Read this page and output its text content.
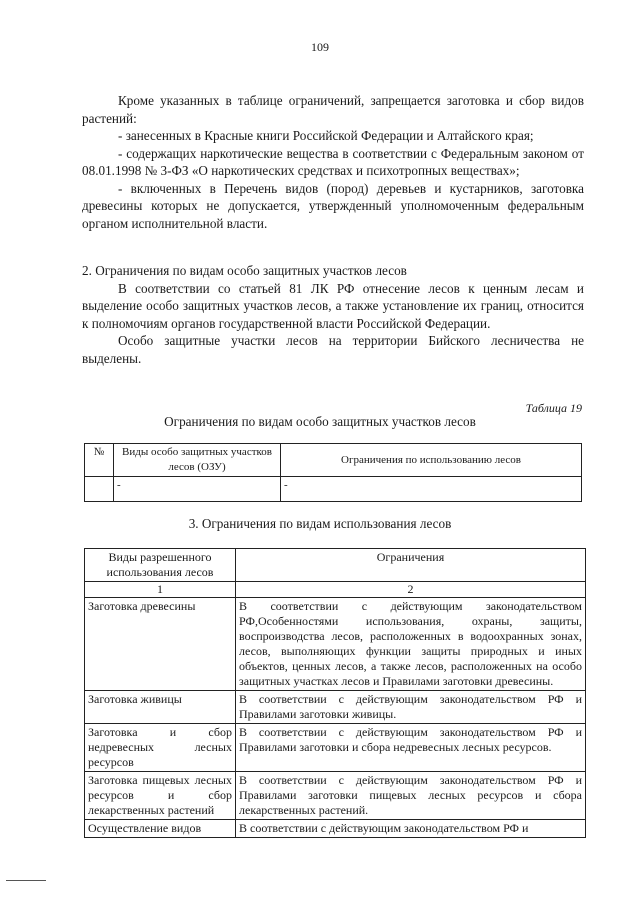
109

Кроме указанных в таблице ограничений, запрещается заготовка и сбор видов растений:

- занесенных в Красные книги Российской Федерации и Алтайского края;

- содержащих наркотические вещества в соответствии с Федеральным законом от 08.01.1998 № 3-ФЗ «О наркотических средствах и психотропных веществах»;

- включенных в Перечень видов (пород) деревьев и кустарников, заготовка древесины которых не допускается, утвержденный уполномоченным федеральным органом исполнительной власти.

2. Ограничения по видам особо защитных участков лесов

В соответствии со статьей 81 ЛК РФ отнесение лесов к ценным лесам и выделение особо защитных участков лесов, а также установление их границ, относится к полномочиям органов государственной власти Российской Федерации.

Особо защитные участки лесов на территории Бийского лесничества не выделены.

Таблица 19
Ограничения по видам особо защитных участков лесов
№	Виды особо защитных участков лесов (ОЗУ)	Ограничения по использованию лесов
	-	-
3. Ограничения по видам использования лесов
Виды разрешенного использования лесов	Ограничения
1	2
Заготовка древесины	В соответствии с действующим законодательством РФ,Особенностями использования, охраны, защиты, воспроизводства лесов, расположенных в водоохранных зонах, лесов, выполняющих функции защиты природных и иных объектов, ценных лесов, а также лесов, расположенных на особо защитных участках лесов и Правилами заготовки древесины.
Заготовка живицы	В соответствии с действующим законодательством РФ и Правилами заготовки живицы.
Заготовка и сбор недревесных лесных ресурсов	В соответствии с действующим законодательством РФ и Правилами заготовки и сбора недревесных лесных ресурсов.
Заготовка пищевых лесных ресурсов и сбор лекарственных растений	В соответствии с действующим законодательством РФ и Правилами заготовки пищевых лесных ресурсов и сбора лекарственных растений.
Осуществление видов	В соответствии с действующим законодательством РФ и
